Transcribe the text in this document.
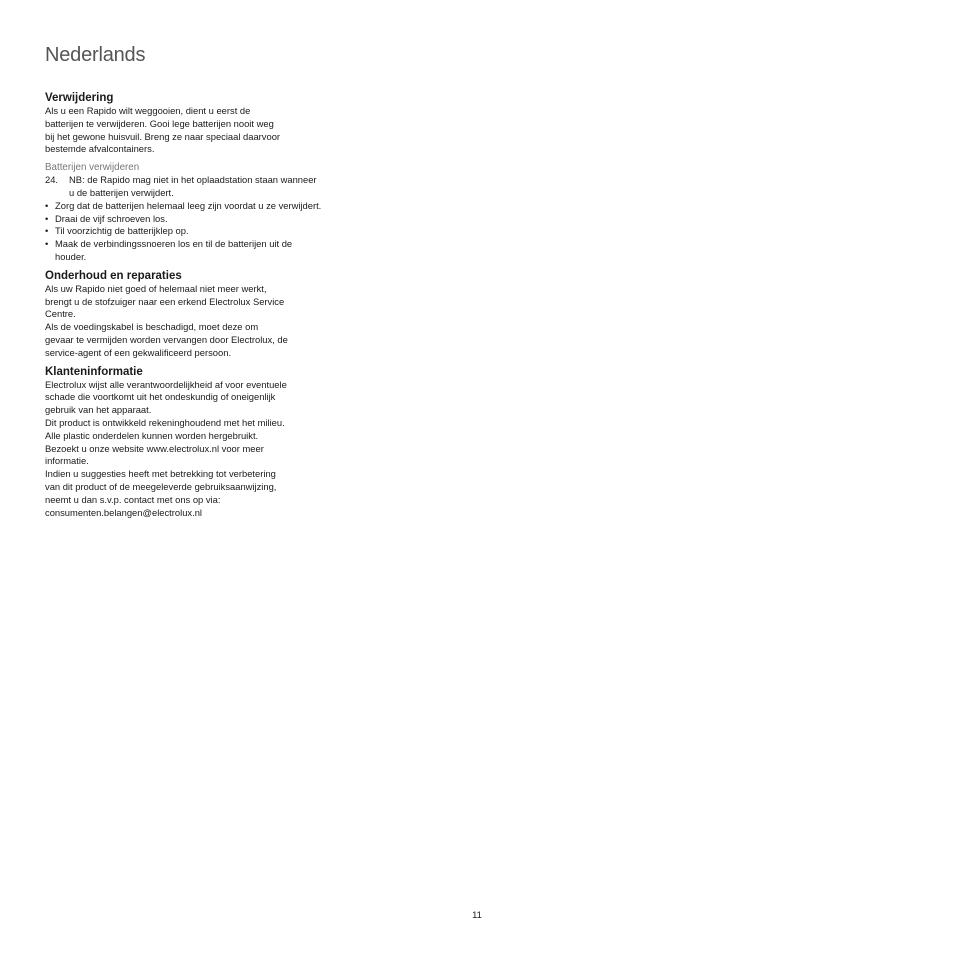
Nederlands
Verwijdering
Als u een Rapido wilt weggooien, dient u eerst de
batterijen te verwijderen. Gooi lege batterijen nooit weg
bij het gewone huisvuil. Breng ze naar speciaal daarvoor
bestemde afvalcontainers.
Batterijen verwijderen
24. NB: de Rapido mag niet in het oplaadstation staan wanneer u de batterijen verwijdert.
• Zorg dat de batterijen helemaal leeg zijn voordat u ze verwijdert.
• Draai de vijf schroeven los.
• Til voorzichtig de batterijklep op.
• Maak de verbindingssnoeren los en til de batterijen uit de houder.
Onderhoud en reparaties
Als uw Rapido niet goed of helemaal niet meer werkt,
brengt u de stofzuiger naar een erkend Electrolux Service
Centre.
Als de voedingskabel is beschadigd, moet deze om
gevaar te vermijden worden vervangen door Electrolux, de
service-agent of een gekwalificeerd persoon.
Klanteninformatie
Electrolux wijst alle verantwoordelijkheid af voor eventuele
schade die voortkomt uit het ondeskundig of oneigenlijk
gebruik van het apparaat.
Dit product is ontwikkeld rekeninghoudend met het milieu.
Alle plastic onderdelen kunnen worden hergebruikt.
Bezoekt u onze website www.electrolux.nl voor meer
informatie.
Indien u suggesties heeft met betrekking tot verbetering
van dit product of de meegeleverde gebruiksaanwijzing,
neemt u dan s.v.p. contact met ons op via:
consumenten.belangen@electrolux.nl
11
